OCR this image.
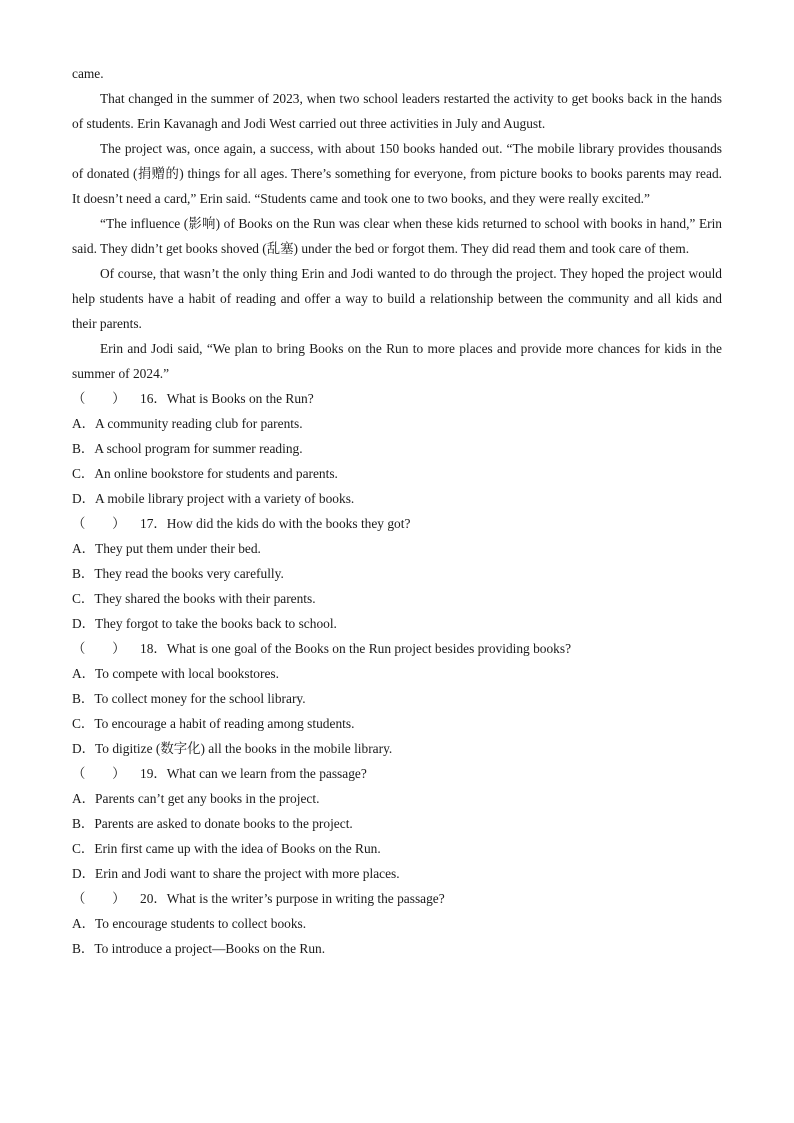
came.

That changed in the summer of 2023, when two school leaders restarted the activity to get books back in the hands of students. Erin Kavanagh and Jodi West carried out three activities in July and August.

The project was, once again, a success, with about 150 books handed out. “The mobile library provides thousands of donated (捐赠的) things for all ages. There’s something for everyone, from picture books to books parents may read. It doesn’t need a card,” Erin said. “Students came and took one to two books, and they were really excited.”

“The influence (影响) of Books on the Run was clear when these kids returned to school with books in hand,” Erin said. They didn’t get books shoved (乱塞) under the bed or forgot them. They did read them and took care of them.

Of course, that wasn’t the only thing Erin and Jodi wanted to do through the project. They hoped the project would help students have a habit of reading and offer a way to build a relationship between the community and all kids and their parents.

Erin and Jodi said, “We plan to bring Books on the Run to more places and provide more chances for kids in the summer of 2024.”

（　　） 16．What is Books on the Run?
A．A community reading club for parents.
B．A school program for summer reading.
C．An online bookstore for students and parents.
D．A mobile library project with a variety of books.
（　　） 17．How did the kids do with the books they got?
A．They put them under their bed.
B．They read the books very carefully.
C．They shared the books with their parents.
D．They forgot to take the books back to school.
（　　） 18．What is one goal of the Books on the Run project besides providing books?
A．To compete with local bookstores.
B．To collect money for the school library.
C．To encourage a habit of reading among students.
D．To digitize (数字化) all the books in the mobile library.
（　　） 19．What can we learn from the passage?
A．Parents can’t get any books in the project.
B．Parents are asked to donate books to the project.
C．Erin first came up with the idea of Books on the Run.
D．Erin and Jodi want to share the project with more places.
（　　） 20．What is the writer’s purpose in writing the passage?
A．To encourage students to collect books.
B．To introduce a project—Books on the Run.
